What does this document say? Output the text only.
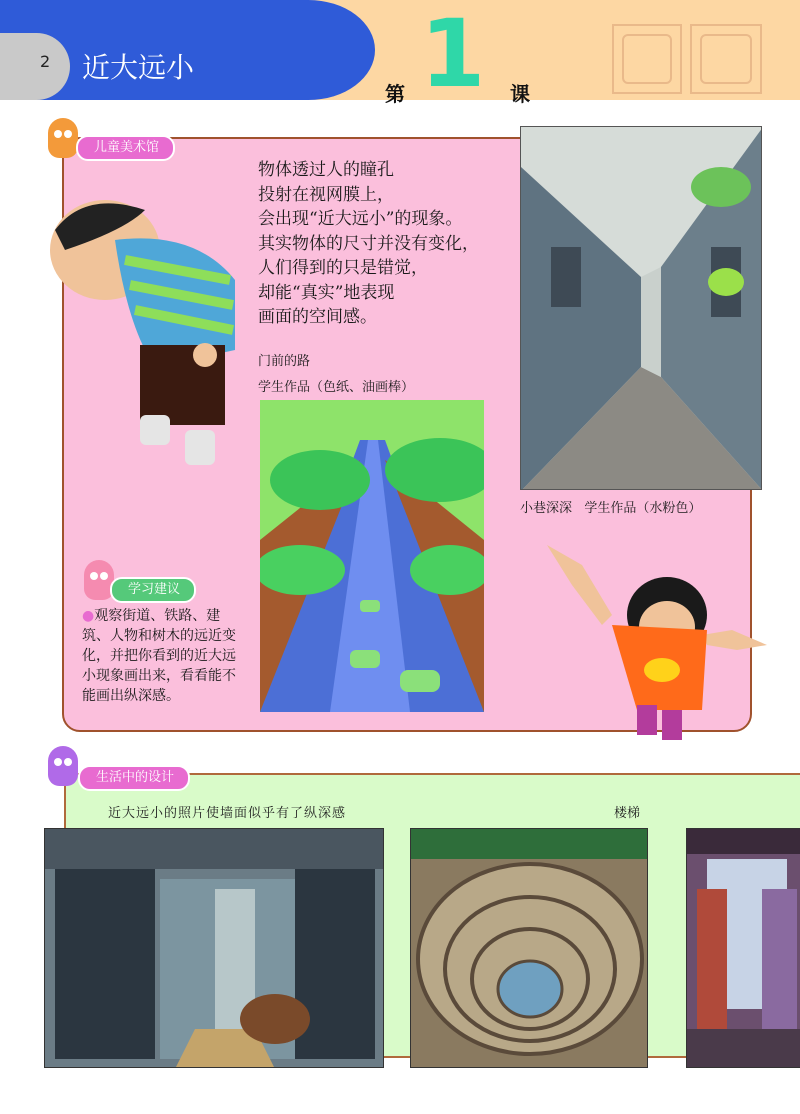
2 近大远小 1
第	课
儿童美术馆
物体透过人的瞳孔
投射在视网膜上，
会出现“近大远小”的现象。
其实物体的尺寸并没有变化，
人们得到的只是错觉，
却能“真实”地表现
画面的空间感。
门前的路
学生作品（色纸、油画棒）
小巷深深   学生作品（水粉色）
学习建议
●观察街道、铁路、建筑、人物和树木的远近变化，并把你看到的近大远小现象画出来，看看能不能画出纵深感。
生活中的设计
近大远小的照片使墙面似乎有了纵深感	楼梯
